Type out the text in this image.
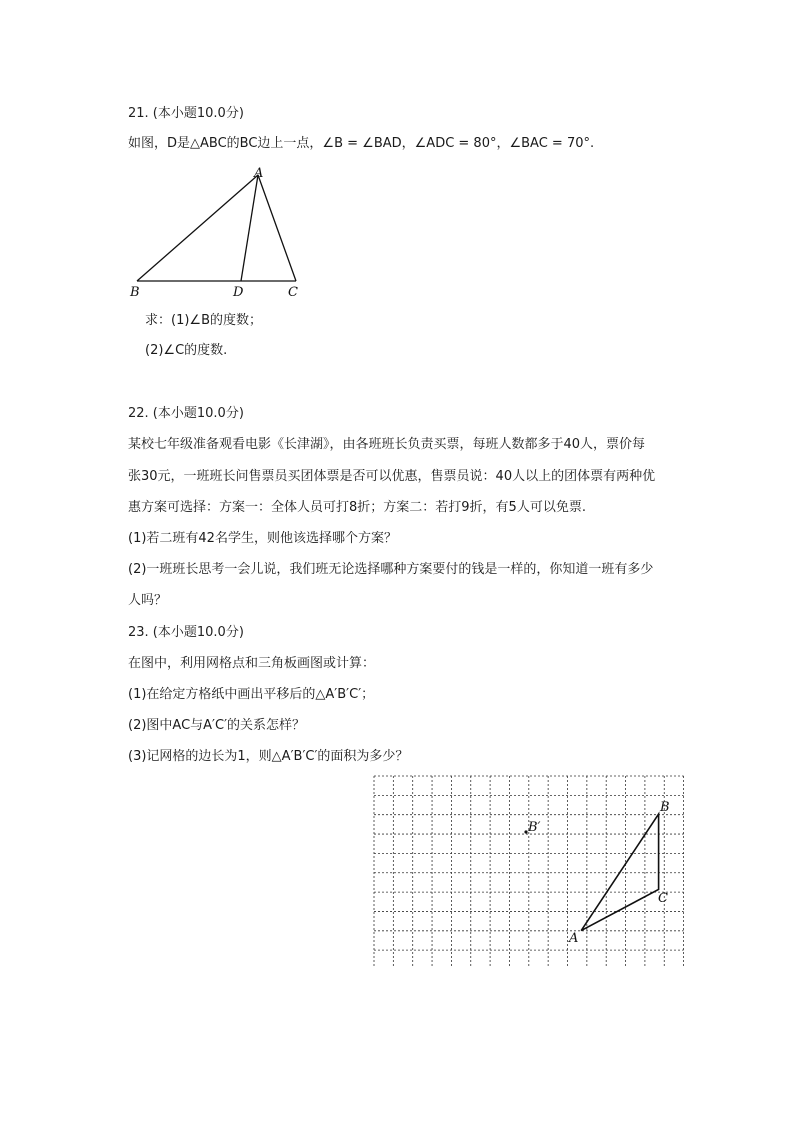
21. (本小题10.0分)
如图，D是△ABC的BC边上一点，∠B = ∠BAD，∠ADC = 80°，∠BAC = 70°.
A
B	D	C
求：(1)∠B的度数；
(2)∠C的度数.
22. (本小题10.0分)
某校七年级准备观看电影《长津湖》，由各班班长负责买票，每班人数都多于40人，票价每
张30元，一班班长问售票员买团体票是否可以优惠，售票员说：40人以上的团体票有两种优
惠方案可选择：方案一：全体人员可打8折；方案二：若打9折，有5人可以免票.
(1)若二班有42名学生，则他该选择哪个方案？
(2)一班班长思考一会儿说，我们班无论选择哪种方案要付的钱是一样的，你知道一班有多少
人吗？
23. (本小题10.0分)
在图中，利用网格点和三角板画图或计算：
(1)在给定方格纸中画出平移后的△A′B′C′；
(2)图中AC与A′C′的关系怎样？
(3)记网格的边长为1，则△A′B′C′的面积为多少？
B′
B
C
A
